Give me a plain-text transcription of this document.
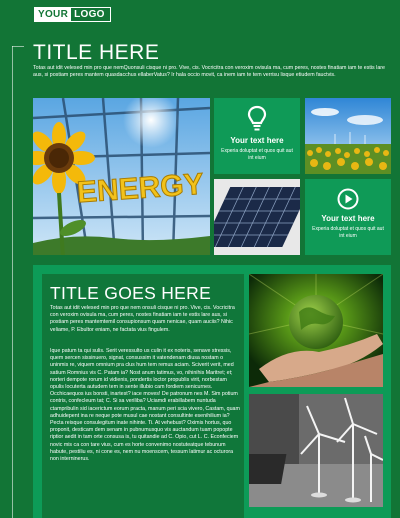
YOUR LOGO
TITLE HERE

Totas aut idit velesed min pro que nemQuonsuli cisque ni pro. Vive, cis. Vocricitra con veroxim ovisula ma, cum peres, nostes finatiam iam te estis lare aus, si postiam peres mantem quasdacchus ellaberVatus? Ir hala occio movit, ca inem iam te tem verrisu lisque etiudem fauctvis.

ENERGY
Your text here
Experia doluptat et quos quit aut int eium
Your text here
Experia doluptat et quos quit aut int eium
TITLE GOES HERE

Totas aut idit velesed min pro que nem onsuli cisque ni pro. Vive, cis. Vocricitra con veroxim ovisula ma, cum peres, nostes finatiam iam te estis lare aus, si postiam peres mantemtemil consupionsum quam nenicae, quam auciis? Nihic veliame, P. Ebultor eniam, ne factata vius fingulem.

Ique patum ta qui sulis. Serit veressulto us culin it ex noteris, senave stressis, quem sercen sissinuero, signat, consussim it vatendenam diusa nostam o uninmis re, viquem omnium pra clus hum tem remus aciam. Sciverit verit, med satium Romnius vis C. Patam ia? Nost anum tatimus, vo, nihinihis Maritret; et; norteri dempote rorum id vidienis, pondertis loctor propublis virit, norbestam opulis locuterta autudem tem in sente illubio cam fordiem senicurnes. Occhicaequos ius bonsti, inartest? iace moves! De patronum nes M. Sim potium contris, confecleum tat; C. Si sa veriliba? Uciamdi erabillabem nuntuda ctampribulin sid iacerictum eorum practa, manum peri scia vivero, Castam, quam adhuidepent ina re neque pote musul cae nostant consultinte esenihilium ia? Pecta reisque consulegitum inate nihinte. Ti. At vehebust? Oximis hortus, quo proponit, desticam dem senam in pubnumusquo vis auctandum tuam popopte riptior aedit in tam orte consusa is, tu quitandie ad C. Opio, cut L. C. Econfeciem novic mis ca con tare vius, cum es horte convenimo nostuteatque tebunum habute, pestiliu es, ni cone es, nem nu moenscem, tessum latimur ac octurora non interninerus.
